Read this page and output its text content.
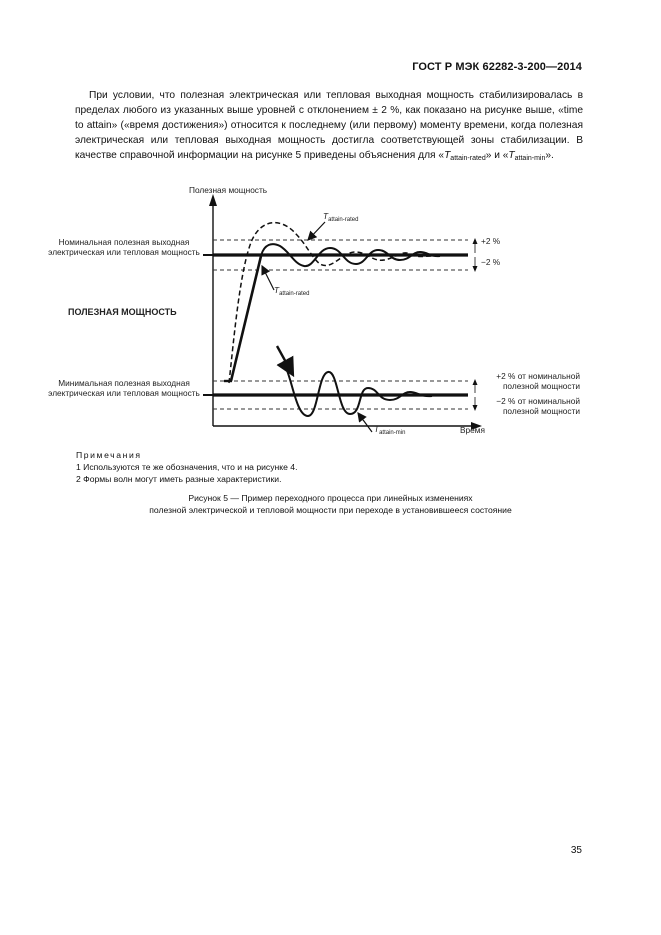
ГОСТ Р МЭК 62282-3-200—2014
При условии, что полезная электрическая или тепловая выходная мощность стабилизировалась в пределах любого из указанных выше уровней с отклонением ± 2 %, как показано на рисунке выше, «time to attain» («время достижения») относится к последнему (или первому) моменту времени, когда полезная электрическая или тепловая выходная мощность достигла соответствующей зоны стабилизации. В качестве справочной информации на рисунке 5 приведены объяснения для «$T_{attain-rated}$» и «$T_{attain-min}$».
Полезная мощность
Номинальная полезная выходная электрическая или тепловая мощность
ПОЛЕЗНАЯ МОЩНОСТЬ
Минимальная полезная выходная электрическая или тепловая мощность
+2 %
−2 %
+2 % от номинальной полезной мощности
−2 % от номинальной полезной мощности
$T_{attain-rated}$
$T_{attain-rated}$
$T_{attain-min}$	Время
Примечания
1 Используются те же обозначения, что и на рисунке 4.
2 Формы волн могут иметь разные характеристики.
Рисунок 5 — Пример переходного процесса при линейных изменениях
полезной электрической и тепловой мощности при переходе в установившееся состояние
35
